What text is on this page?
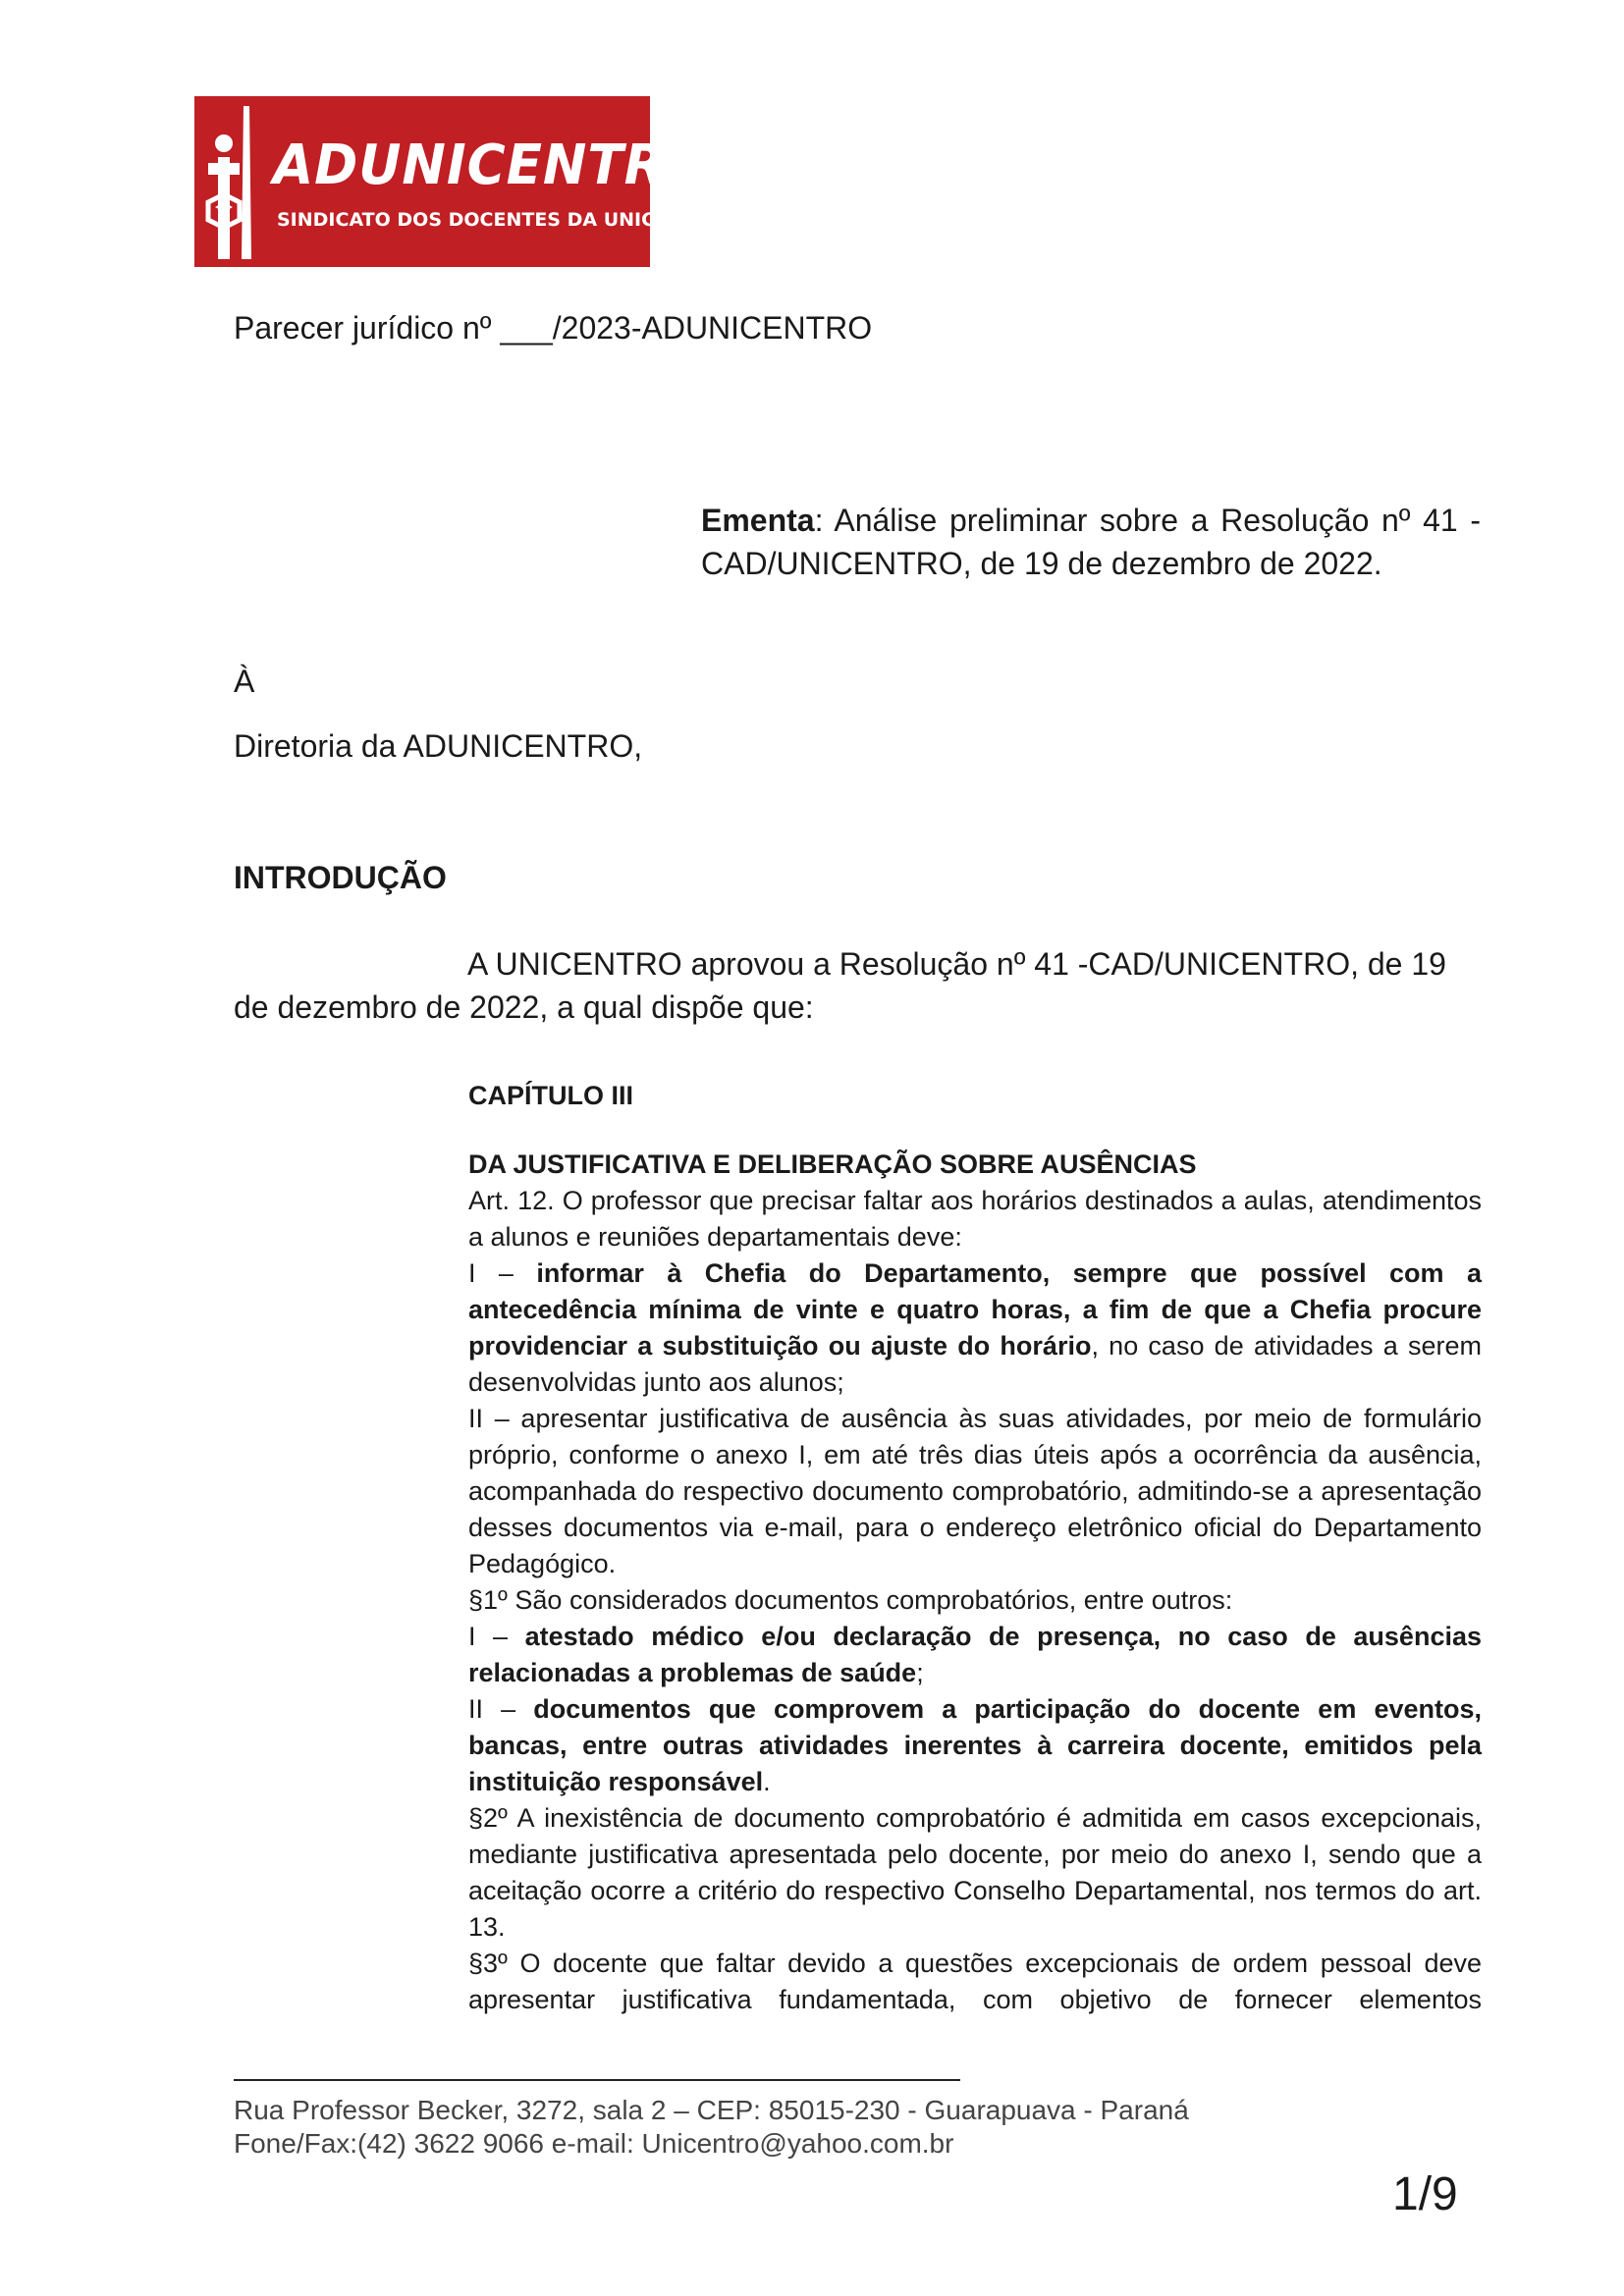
ADUNICENTRO
SINDICATO DOS DOCENTES DA UNICENTRO

Parecer jurídico nº ___/2023-ADUNICENTRO

Ementa: Análise preliminar sobre a Resolução nº 41 -CAD/UNICENTRO, de 19 de dezembro de 2022.

À

Diretoria da ADUNICENTRO,

INTRODUÇÃO

A UNICENTRO aprovou a Resolução nº 41 -CAD/UNICENTRO, de 19 de dezembro de 2022, a qual dispõe que:

CAPÍTULO III

DA JUSTIFICATIVA E DELIBERAÇÃO SOBRE AUSÊNCIAS

Art. 12. O professor que precisar faltar aos horários destinados a aulas, atendimentos a alunos e reuniões departamentais deve:

I – informar à Chefia do Departamento, sempre que possível com a antecedência mínima de vinte e quatro horas, a fim de que a Chefia procure providenciar a substituição ou ajuste do horário, no caso de atividades a serem desenvolvidas junto aos alunos;

II – apresentar justificativa de ausência às suas atividades, por meio de formulário próprio, conforme o anexo I, em até três dias úteis após a ocorrência da ausência, acompanhada do respectivo documento comprobatório, admitindo-se a apresentação desses documentos via e-mail, para o endereço eletrônico oficial do Departamento Pedagógico.

§1º São considerados documentos comprobatórios, entre outros:

I – atestado médico e/ou declaração de presença, no caso de ausências relacionadas a problemas de saúde;

II – documentos que comprovem a participação do docente em eventos, bancas, entre outras atividades inerentes à carreira docente, emitidos pela instituição responsável.

§2º A inexistência de documento comprobatório é admitida em casos excepcionais, mediante justificativa apresentada pelo docente, por meio do anexo I, sendo que a aceitação ocorre a critério do respectivo Conselho Departamental, nos termos do art. 13.

§3º O docente que faltar devido a questões excepcionais de ordem pessoal deve apresentar justificativa fundamentada, com objetivo de fornecer elementos

Rua Professor Becker, 3272, sala 2 – CEP: 85015-230 - Guarapuava - Paraná
Fone/Fax:(42) 3622 9066 e-mail: Unicentro@yahoo.com.br
1/9
